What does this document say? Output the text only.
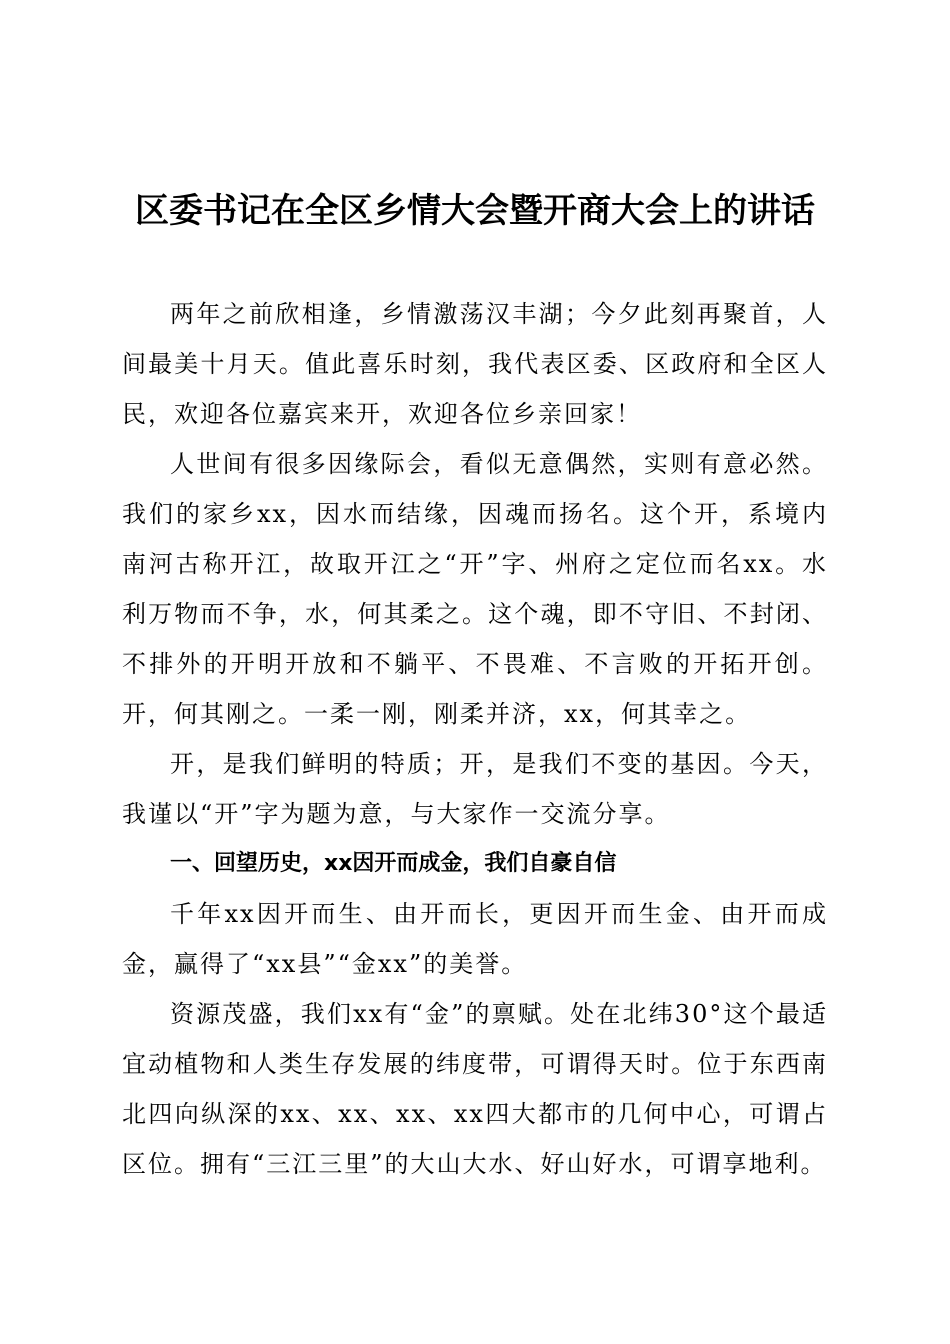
区委书记在全区乡情大会暨开商大会上的讲话

两年之前欣相逢，乡情激荡汉丰湖；今夕此刻再聚首，人间最美十月天。值此喜乐时刻，我代表区委、区政府和全区人民，欢迎各位嘉宾来开，欢迎各位乡亲回家！

人世间有很多因缘际会，看似无意偶然，实则有意必然。我们的家乡xx，因水而结缘，因魂而扬名。这个开，系境内南河古称开江，故取开江之“开”字、州府之定位而名xx。水利万物而不争，水，何其柔之。这个魂，即不守旧、不封闭、不排外的开明开放和不躺平、不畏难、不言败的开拓开创。开，何其刚之。一柔一刚，刚柔并济，xx，何其幸之。

开，是我们鲜明的特质；开，是我们不变的基因。今天，我谨以“开”字为题为意，与大家作一交流分享。

一、回望历史，xx因开而成金，我们自豪自信

千年xx因开而生、由开而长，更因开而生金、由开而成金，赢得了“xx县”“金xx”的美誉。

资源茂盛，我们xx有“金”的禀赋。处在北纬30°这个最适宜动植物和人类生存发展的纬度带，可谓得天时。位于东西南北四向纵深的xx、xx、xx、xx四大都市的几何中心，可谓占区位。拥有“三江三里”的大山大水、好山好水，可谓享地利。
